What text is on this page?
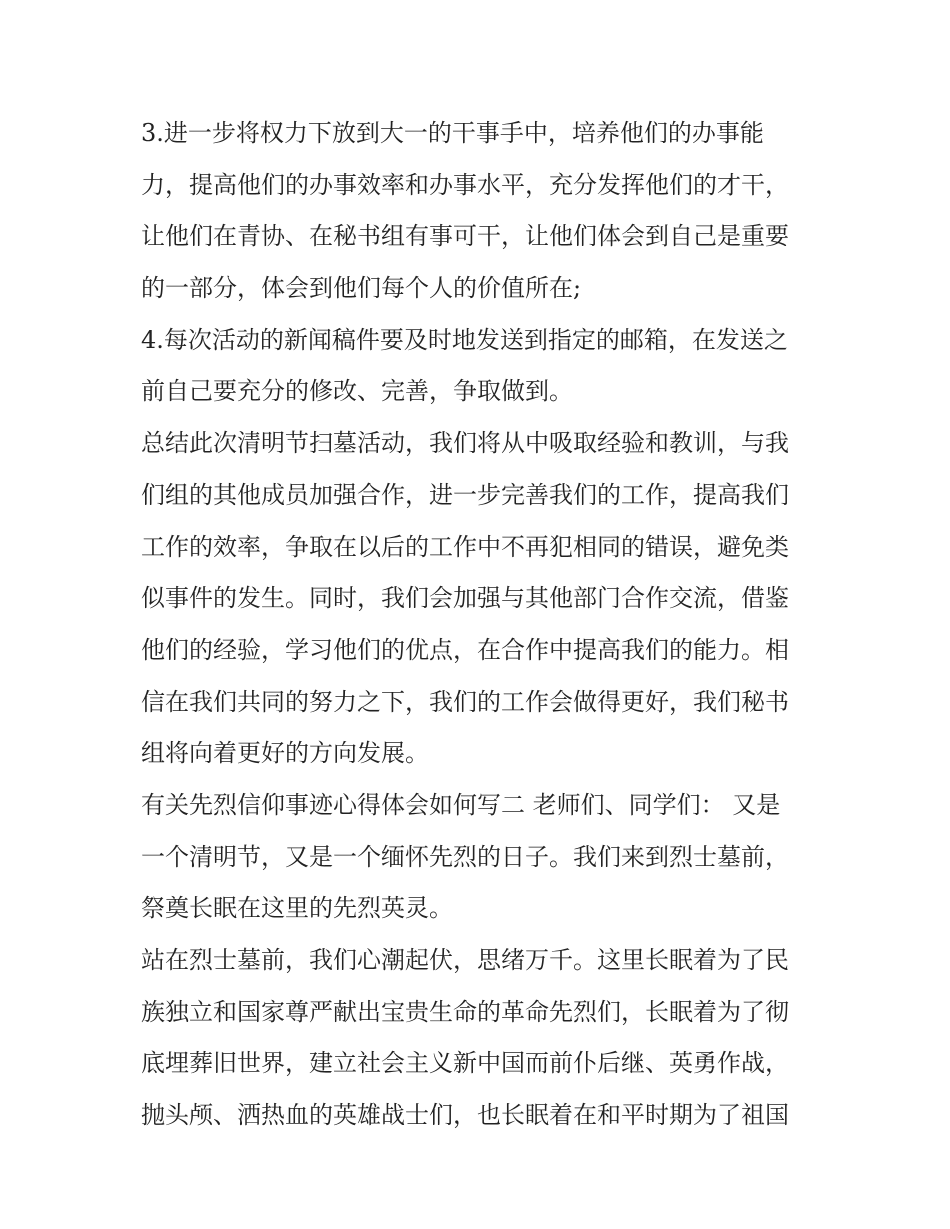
3.进一步将权力下放到大一的干事手中，培养他们的办事能
力，提高他们的办事效率和办事水平，充分发挥他们的才干，
让他们在青协、在秘书组有事可干，让他们体会到自己是重要
的一部分，体会到他们每个人的价值所在;
4.每次活动的新闻稿件要及时地发送到指定的邮箱，在发送之
前自己要充分的修改、完善，争取做到。
总结此次清明节扫墓活动，我们将从中吸取经验和教训，与我
们组的其他成员加强合作，进一步完善我们的工作，提高我们
工作的效率，争取在以后的工作中不再犯相同的错误，避免类
似事件的发生。同时，我们会加强与其他部门合作交流，借鉴
他们的经验，学习他们的优点，在合作中提高我们的能力。相
信在我们共同的努力之下，我们的工作会做得更好，我们秘书
组将向着更好的方向发展。
有关先烈信仰事迹心得体会如何写二 老师们、同学们： 又是
一个清明节，又是一个缅怀先烈的日子。我们来到烈士墓前，
祭奠长眠在这里的先烈英灵。
站在烈士墓前，我们心潮起伏，思绪万千。这里长眠着为了民
族独立和国家尊严献出宝贵生命的革命先烈们，长眠着为了彻
底埋葬旧世界，建立社会主义新中国而前仆后继、英勇作战，
抛头颅、洒热血的英雄战士们，也长眠着在和平时期为了祖国
